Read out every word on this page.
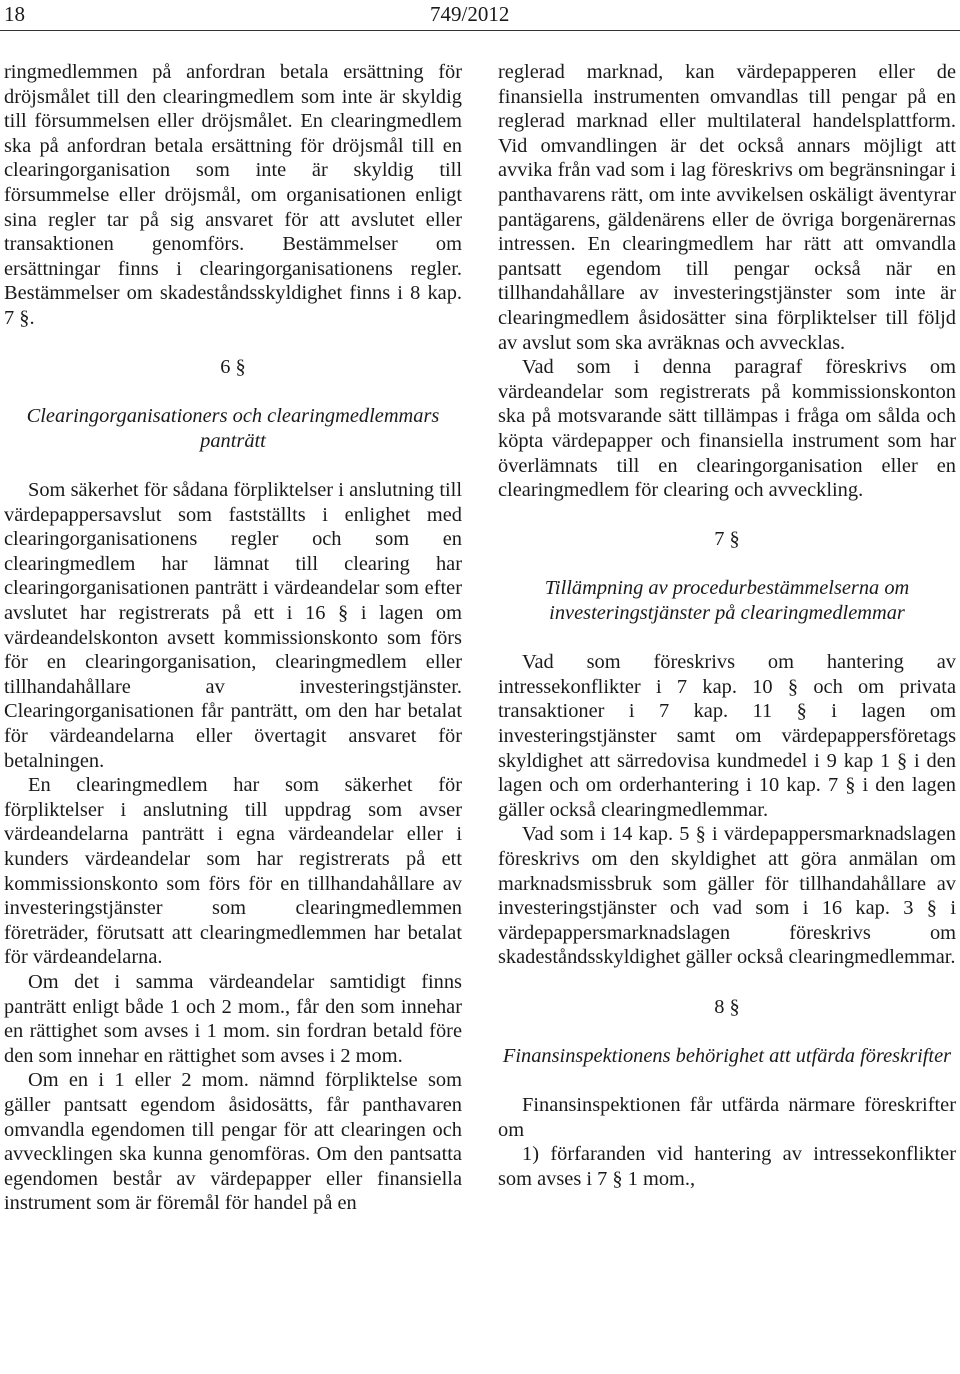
18	749/2012

ringmedlemmen på anfordran betala ersättning för dröjsmålet till den clearingmedlem som inte är skyldig till försummelsen eller dröjsmålet. En clearingmedlem ska på anfordran betala ersättning för dröjsmål till en clearingorganisation som inte är skyldig till försummelse eller dröjsmål, om organisationen enligt sina regler tar på sig ansvaret för att avslutet eller transaktionen genomförs. Bestämmelser om ersättningar finns i clearingorganisationens regler. Bestämmelser om skadeståndsskyldighet finns i 8 kap. 7 §.

6 §

Clearingorganisationers och clearingmedlemmars panträtt

Som säkerhet för sådana förpliktelser i anslutning till värdepappersavslut som fastställts i enlighet med clearingorganisationens regler och som en clearingmedlem har lämnat till clearing har clearingorganisationen panträtt i värdeandelar som efter avslutet har registrerats på ett i 16 § i lagen om värdeandelskonton avsett kommissionskonto som förs för en clearingorganisation, clearingmedlem eller tillhandahållare av investeringstjänster. Clearingorganisationen får panträtt, om den har betalat för värdeandelarna eller övertagit ansvaret för betalningen.

En clearingmedlem har som säkerhet för förpliktelser i anslutning till uppdrag som avser värdeandelarna panträtt i egna värdeandelar eller i kunders värdeandelar som har registrerats på ett kommissionskonto som förs för en tillhandahållare av investeringstjänster som clearingmedlemmen företräder, förutsatt att clearingmedlemmen har betalat för värdeandelarna.

Om det i samma värdeandelar samtidigt finns panträtt enligt både 1 och 2 mom., får den som innehar en rättighet som avses i 1 mom. sin fordran betald före den som innehar en rättighet som avses i 2 mom.

Om en i 1 eller 2 mom. nämnd förpliktelse som gäller pantsatt egendom åsidosätts, får panthavaren omvandla egendomen till pengar för att clearingen och avvecklingen ska kunna genomföras. Om den pantsatta egendomen består av värdepapper eller finansiella instrument som är föremål för handel på en

reglerad marknad, kan värdepapperen eller de finansiella instrumenten omvandlas till pengar på en reglerad marknad eller multilateral handelsplattform. Vid omvandlingen är det också annars möjligt att avvika från vad som i lag föreskrivs om begränsningar i panthavarens rätt, om inte avvikelsen oskäligt äventyrar pantägarens, gäldenärens eller de övriga borgenärernas intressen. En clearingmedlem har rätt att omvandla pantsatt egendom till pengar också när en tillhandahållare av investeringstjänster som inte är clearingmedlem åsidosätter sina förpliktelser till följd av avslut som ska avräknas och avvecklas.

Vad som i denna paragraf föreskrivs om värdeandelar som registrerats på kommissionskonton ska på motsvarande sätt tillämpas i fråga om sålda och köpta värdepapper och finansiella instrument som har överlämnats till en clearingorganisation eller en clearingmedlem för clearing och avveckling.

7 §

Tillämpning av procedurbestämmelserna om investeringstjänster på clearingmedlemmar

Vad som föreskrivs om hantering av intressekonflikter i 7 kap. 10 § och om privata transaktioner i 7 kap. 11 § i lagen om investeringstjänster samt om värdepappersföretags skyldighet att särredovisa kundmedel i 9 kap 1 § i den lagen och om orderhantering i 10 kap. 7 § i den lagen gäller också clearingmedlemmar.

Vad som i 14 kap. 5 § i värdepappersmarknadslagen föreskrivs om den skyldighet att göra anmälan om marknadsmissbruk som gäller för tillhandahållare av investeringstjänster och vad som i 16 kap. 3 § i värdepappersmarknadslagen föreskrivs om skadeståndsskyldighet gäller också clearingmedlemmar.

8 §

Finansinspektionens behörighet att utfärda föreskrifter

Finansinspektionen får utfärda närmare föreskrifter om

1) förfaranden vid hantering av intressekonflikter som avses i 7 § 1 mom.,
